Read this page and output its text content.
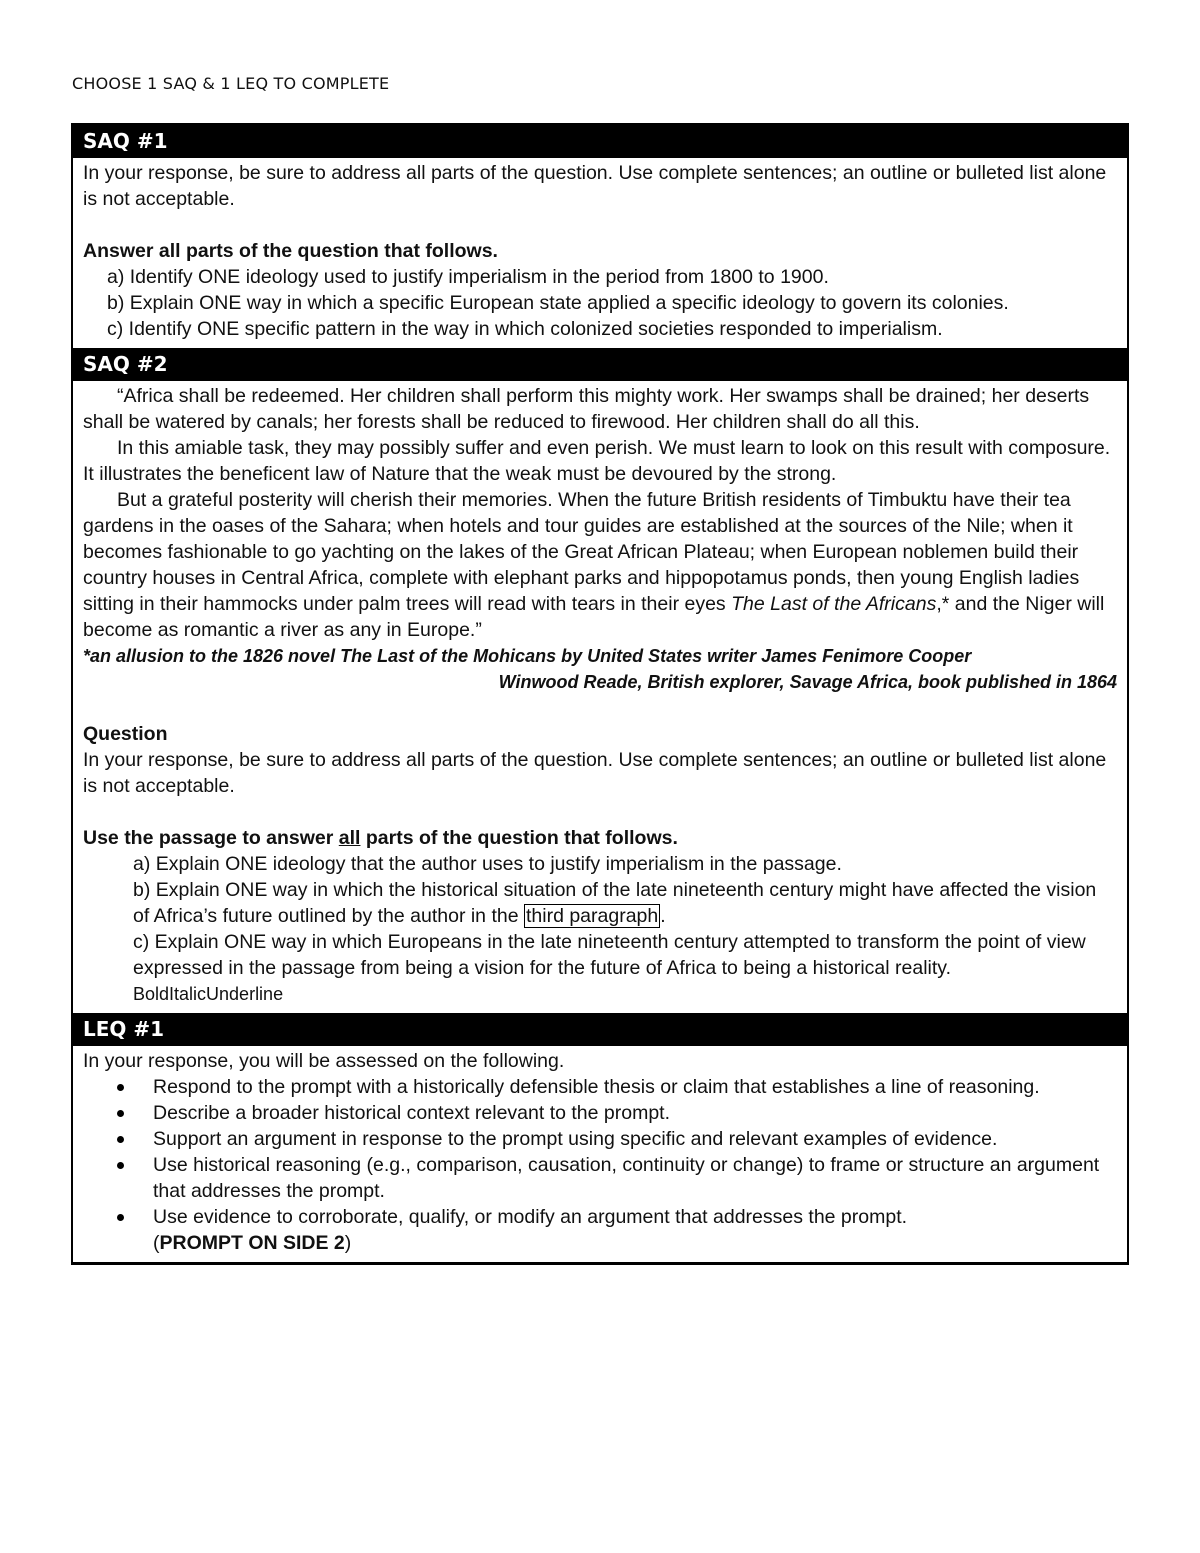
CHOOSE 1 SAQ & 1 LEQ TO COMPLETE
SAQ #1

In your response, be sure to address all parts of the question. Use complete sentences; an outline or bulleted list alone is not acceptable.

Answer all parts of the question that follows.

a) Identify ONE ideology used to justify imperialism in the period from 1800 to 1900.

b) Explain ONE way in which a specific European state applied a specific ideology to govern its colonies.

c) Identify ONE specific pattern in the way in which colonized societies responded to imperialism.

SAQ #2

“Africa shall be redeemed. Her children shall perform this mighty work. Her swamps shall be drained; her deserts shall be watered by canals; her forests shall be reduced to firewood. Her children shall do all this.

In this amiable task, they may possibly suffer and even perish. We must learn to look on this result with composure. It illustrates the beneficent law of Nature that the weak must be devoured by the strong.

But a grateful posterity will cherish their memories. When the future British residents of Timbuktu have their tea gardens in the oases of the Sahara; when hotels and tour guides are established at the sources of the Nile; when it becomes fashionable to go yachting on the lakes of the Great African Plateau; when European noblemen build their country houses in Central Africa, complete with elephant parks and hippopotamus ponds, then young English ladies sitting in their hammocks under palm trees will read with tears in their eyes The Last of the Africans,* and the Niger will become as romantic a river as any in Europe.”

*an allusion to the 1826 novel The Last of the Mohicans by United States writer James Fenimore Cooper

Winwood Reade, British explorer, Savage Africa, book published in 1864

Question

In your response, be sure to address all parts of the question. Use complete sentences; an outline or bulleted list alone is not acceptable.

Use the passage to answer all parts of the question that follows.

a) Explain ONE ideology that the author uses to justify imperialism in the passage.

b) Explain ONE way in which the historical situation of the late nineteenth century might have affected the vision of Africa’s future outlined by the author in the third paragraph .

c) Explain ONE way in which Europeans in the late nineteenth century attempted to transform the point of view expressed in the passage from being a vision for the future of Africa to being a historical reality.

BoldItalicUnderline

LEQ #1

In your response, you will be assessed on the following.

Respond to the prompt with a historically defensible thesis or claim that establishes a line of reasoning.
Describe a broader historical context relevant to the prompt.
Support an argument in response to the prompt using specific and relevant examples of evidence.
Use historical reasoning (e.g., comparison, causation, continuity or change) to frame or structure an argument that addresses the prompt.
Use evidence to corroborate, qualify, or modify an argument that addresses the prompt.
(PROMPT ON SIDE 2)
